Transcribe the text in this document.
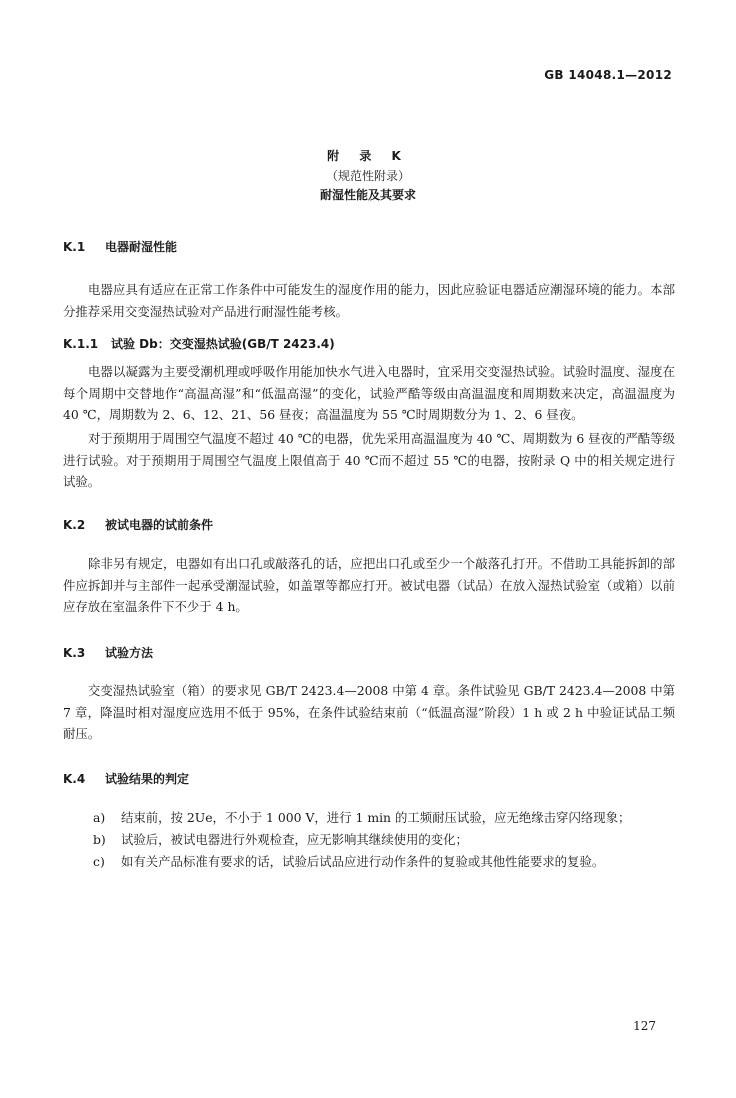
GB 14048.1—2012
附 录 K
（规范性附录）
耐湿性能及其要求
K.1 电器耐湿性能

电器应具有适应在正常工作条件中可能发生的湿度作用的能力，因此应验证电器适应潮湿环境的能力。本部分推荐采用交变湿热试验对产品进行耐湿性能考核。

K.1.1 试验 Db：交变湿热试验(GB/T 2423.4)

电器以凝露为主要受潮机理或呼吸作用能加快水气进入电器时，宜采用交变湿热试验。试验时温度、湿度在每个周期中交替地作“高温高湿”和“低温高湿”的变化，试验严酷等级由高温温度和周期数来决定，高温温度为 40 ℃，周期数为 2、6、12、21、56 昼夜；高温温度为 55 ℃时周期数分为 1、2、6 昼夜。

对于预期用于周围空气温度不超过 40 ℃的电器，优先采用高温温度为 40 ℃、周期数为 6 昼夜的严酷等级进行试验。对于预期用于周围空气温度上限值高于 40 ℃而不超过 55 ℃的电器，按附录 Q 中的相关规定进行试验。

K.2 被试电器的试前条件

除非另有规定，电器如有出口孔或敲落孔的话，应把出口孔或至少一个敲落孔打开。不借助工具能拆卸的部件应拆卸并与主部件一起承受潮湿试验，如盖罩等都应打开。被试电器（试品）在放入湿热试验室（或箱）以前应存放在室温条件下不少于 4 h。

K.3 试验方法

交变湿热试验室（箱）的要求见 GB/T 2423.4—2008 中第 4 章。条件试验见 GB/T 2423.4—2008 中第 7 章，降温时相对湿度应选用不低于 95%，在条件试验结束前（“低温高湿”阶段）1 h 或 2 h 中验证试品工频耐压。

K.4 试验结果的判定
a) 结束前，按 2Ue，不小于 1 000 V，进行 1 min 的工频耐压试验，应无绝缘击穿闪络现象；
b) 试验后，被试电器进行外观检查，应无影响其继续使用的变化；
c) 如有关产品标准有要求的话，试验后试品应进行动作条件的复验或其他性能要求的复验。
127
